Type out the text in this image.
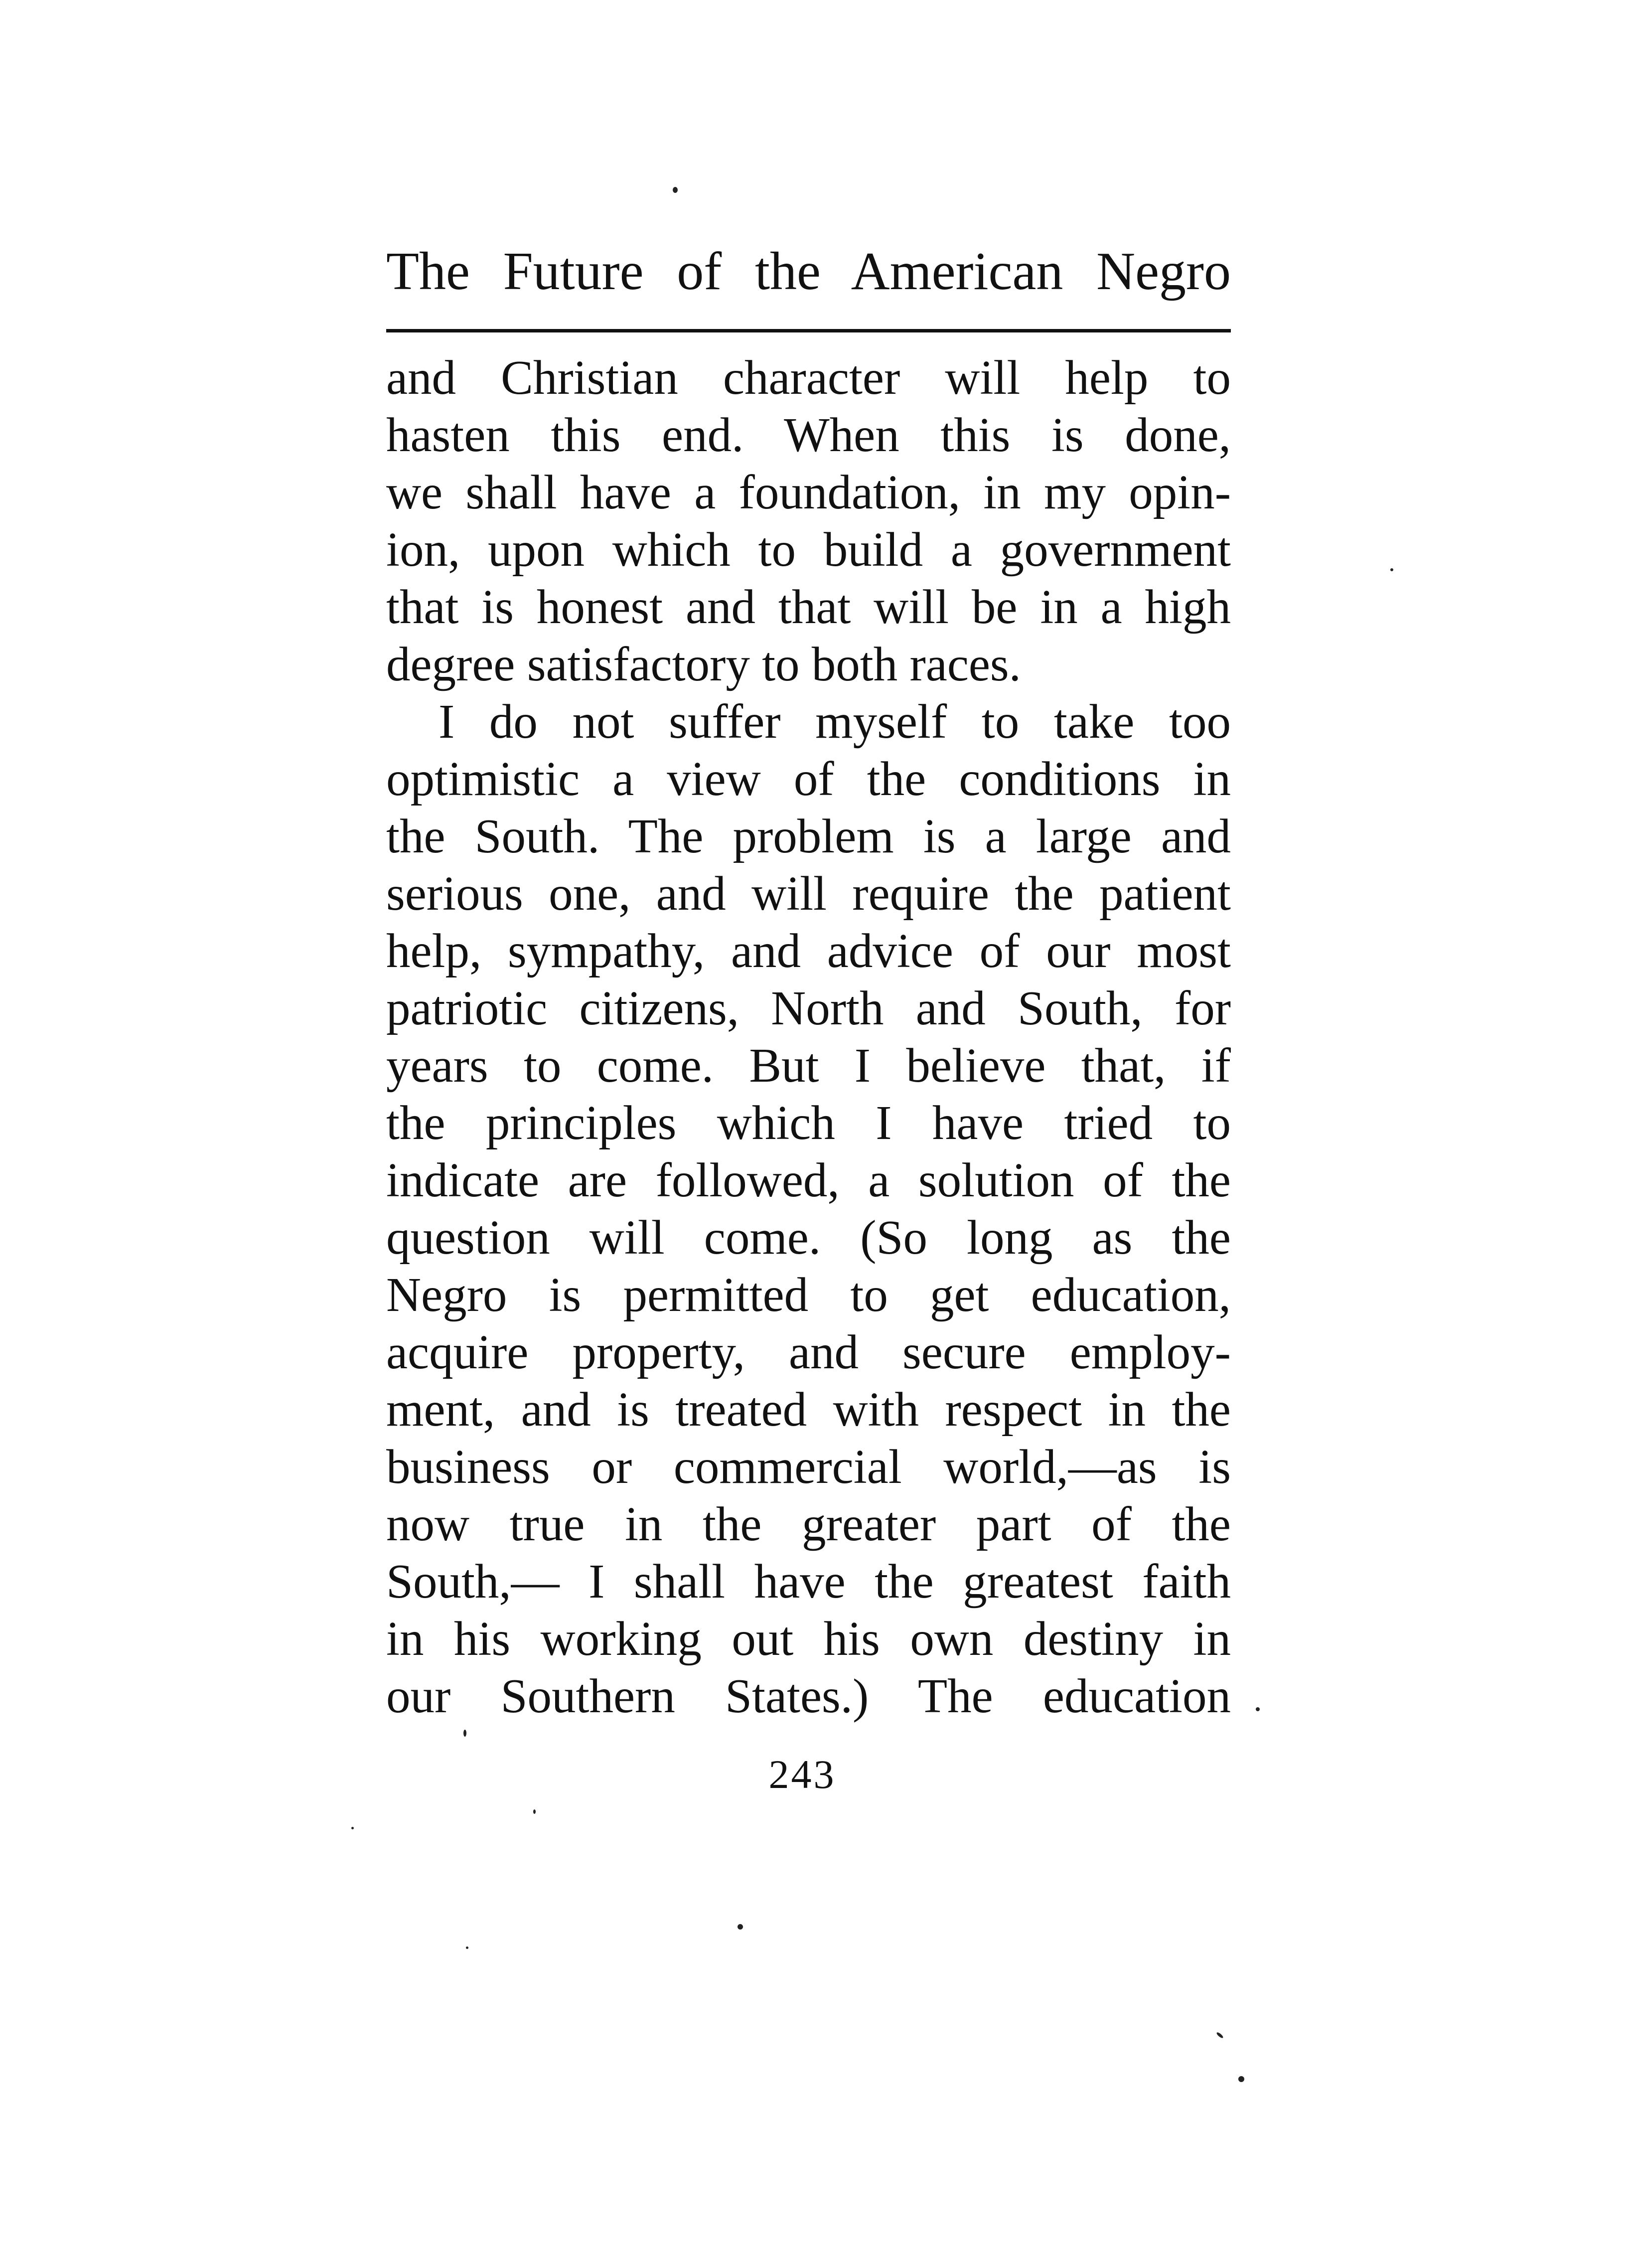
The Future of the American Negro
and Christian character will help to
hasten this end. When this is done,
we shall have a foundation, in my opin-
ion, upon which to build a government
that is honest and that will be in a high
degree satisfactory to both races.
I do not suffer myself to take too
optimistic a view of the conditions in
the South. The problem is a large and
serious one, and will require the patient
help, sympathy, and advice of our most
patriotic citizens, North and South, for
years to come. But I believe that, if
the principles which I have tried to
indicate are followed, a solution of the
question will come. (So long as the
Negro is permitted to get education,
acquire property, and secure employ-
ment, and is treated with respect in the
business or commercial world,—as is
now true in the greater part of the
South,— I shall have the greatest faith
in his working out his own destiny in
our Southern States.) The education
243
